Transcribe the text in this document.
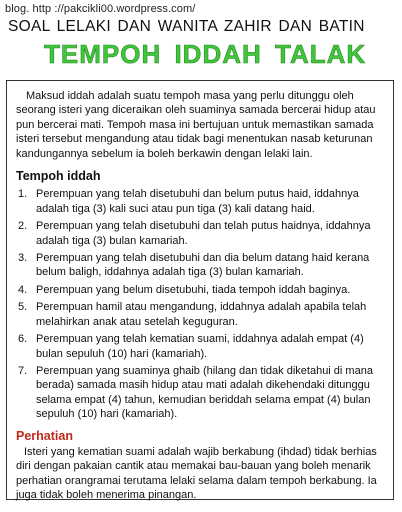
blog. http ://pakcikli00.wordpress.com/
SOAL LELAKI DAN WANITA ZAHIR DAN BATIN
TEMPOH IDDAH TALAK

Maksud iddah adalah suatu tempoh masa yang perlu ditunggu oleh seorang isteri yang diceraikan oleh suaminya samada bercerai hidup atau pun bercerai mati. Tempoh masa ini bertujuan untuk memastikan samada isteri tersebut mengandung atau tidak bagi menentukan nasab keturunan kandungannya sebelum ia boleh berkawin dengan lelaki lain.

Tempoh iddah
1. Perempuan yang telah disetubuhi dan belum putus haid, iddahnya adalah tiga (3) kali suci atau pun tiga (3) kali datang haid.
2. Perempuan yang telah disetubuhi dan telah putus haidnya, iddahnya adalah tiga (3) bulan kamariah.
3. Perempuan yang telah disetubuhi dan dia belum datang haid kerana belum baligh, iddahnya adalah tiga (3) bulan kamariah.
4. Perempuan yang belum disetubuhi, tiada tempoh iddah baginya.
5. Perempuan hamil atau mengandung, iddahnya adalah apabila telah melahirkan anak atau setelah keguguran.
6. Perempuan yang telah kematian suami, iddahnya adalah empat (4) bulan sepuluh (10) hari (kamariah).
7. Perempuan yang suaminya ghaib (hilang dan tidak diketahui di mana berada) samada masih hidup atau mati adalah dikehendaki ditunggu selama empat (4) tahun, kemudian beriddah selama empat (4) bulan sepuluh (10) hari (kamariah).
Perhatian

Isteri yang kematian suami adalah wajib berkabung (ihdad) tidak berhias diri dengan pakaian cantik atau memakai bau-bauan yang boleh menarik perhatian orangramai terutama lelaki selama dalam tempoh berkabung. Ia juga tidak boleh menerima pinangan.
